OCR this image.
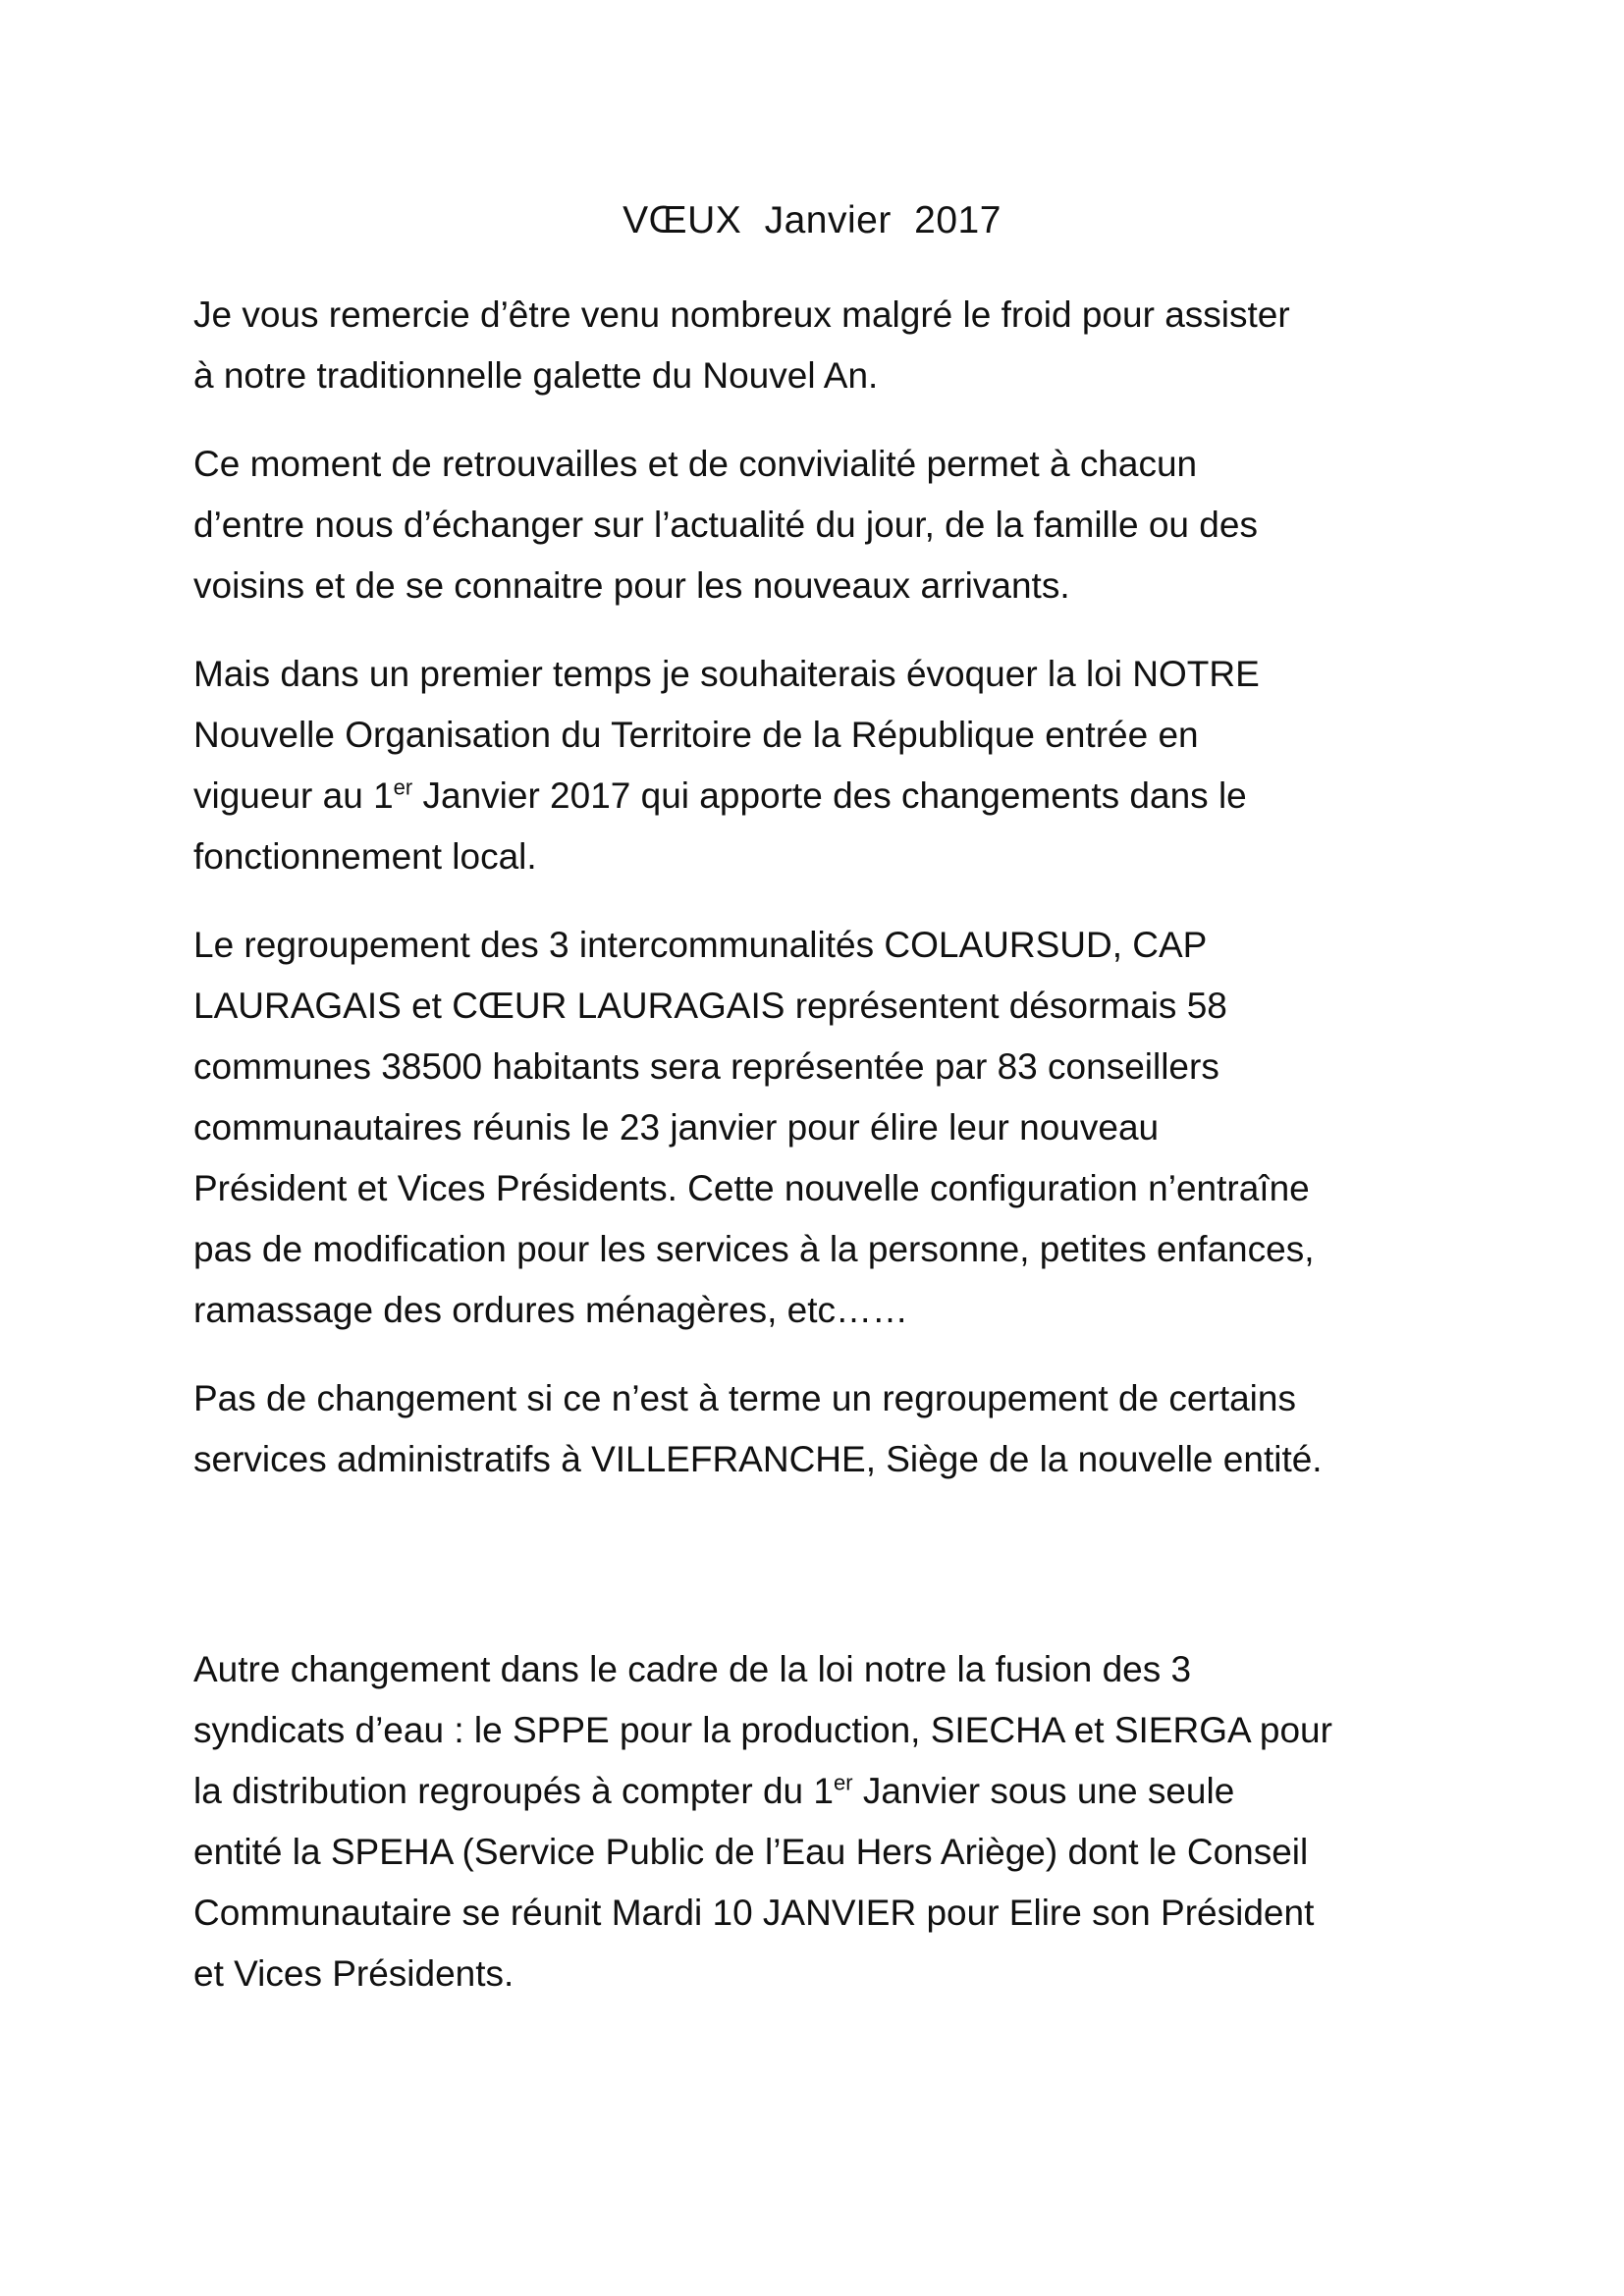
VŒUX Janvier 2017
Je vous remercie d’être venu nombreux malgré le froid pour assister
à notre traditionnelle galette du Nouvel An.
Ce moment de retrouvailles et de convivialité permet à chacun
d’entre nous d’échanger sur l’actualité du jour, de la famille ou des
voisins et de se connaitre pour les nouveaux arrivants.
Mais dans un premier temps je souhaiterais évoquer la loi NOTRE
Nouvelle Organisation du Territoire de la République entrée en
vigueur au 1er Janvier 2017 qui apporte des changements dans le
fonctionnement local.
Le regroupement des 3 intercommunalités COLAURSUD, CAP
LAURAGAIS et CŒUR LAURAGAIS représentent désormais 58
communes 38500 habitants sera représentée par 83 conseillers
communautaires réunis le 23 janvier pour élire leur nouveau
Président et Vices Présidents. Cette nouvelle configuration n’entraîne
pas de modification pour les services à la personne, petites enfances,
ramassage des ordures ménagères, etc……
Pas de changement si ce n’est à terme un regroupement de certains
services administratifs à VILLEFRANCHE, Siège de la nouvelle entité.
Autre changement dans le cadre de la loi notre la fusion des 3
syndicats d’eau : le SPPE pour la production, SIECHA et SIERGA pour
la distribution regroupés à compter du 1er Janvier sous une seule
entité la SPEHA (Service Public de l’Eau Hers Ariège) dont le Conseil
Communautaire se réunit Mardi 10 JANVIER pour Elire son Président
et Vices Présidents.
